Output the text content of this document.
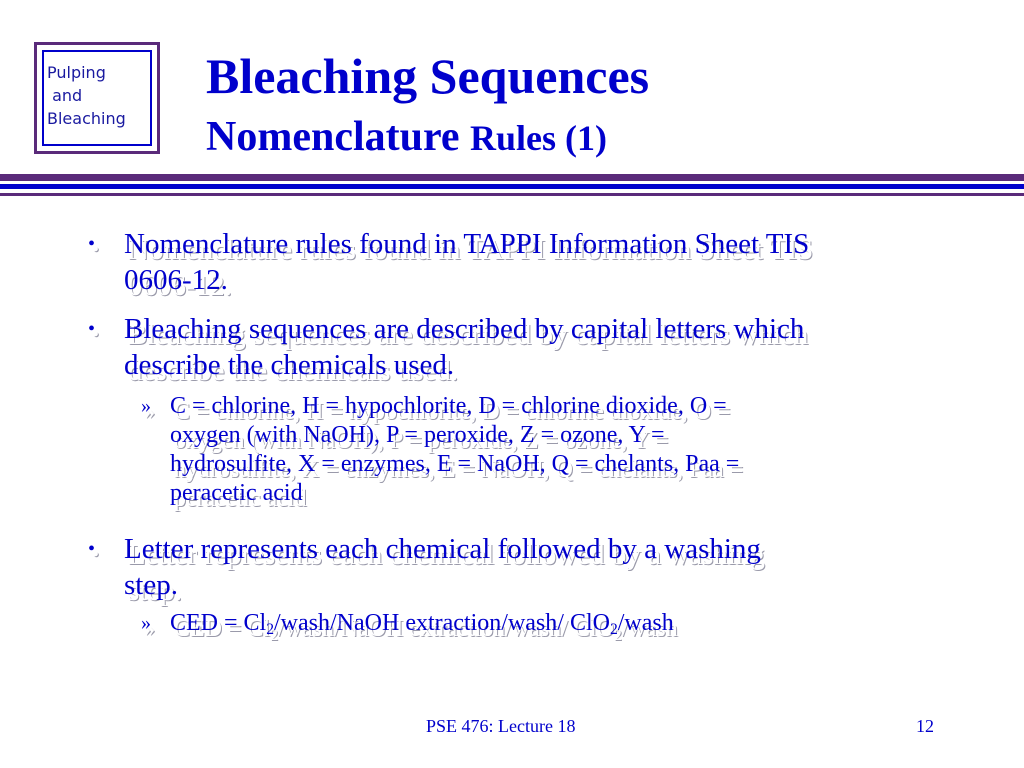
Pulping
and
Bleaching
Bleaching Sequences
Nomenclature Rules (1)
• Nomenclature rules found in TAPPI Information Sheet TIS
0606-12.
• Bleaching sequences are described by capital letters which
describe the chemicals used.
» C = chlorine, H = hypochlorite, D = chlorine dioxide, O =
oxygen (with NaOH), P = peroxide, Z = ozone, Y =
hydrosulfite, X = enzymes, E = NaOH, Q = chelants, Paa =
peracetic acid
• Letter represents each chemical followed by a washing
step.
» CED = $Cl_2/wash$/NaOH extraction/wash/ ClO$_2$/wash
PSE 476: Lecture 18	12
